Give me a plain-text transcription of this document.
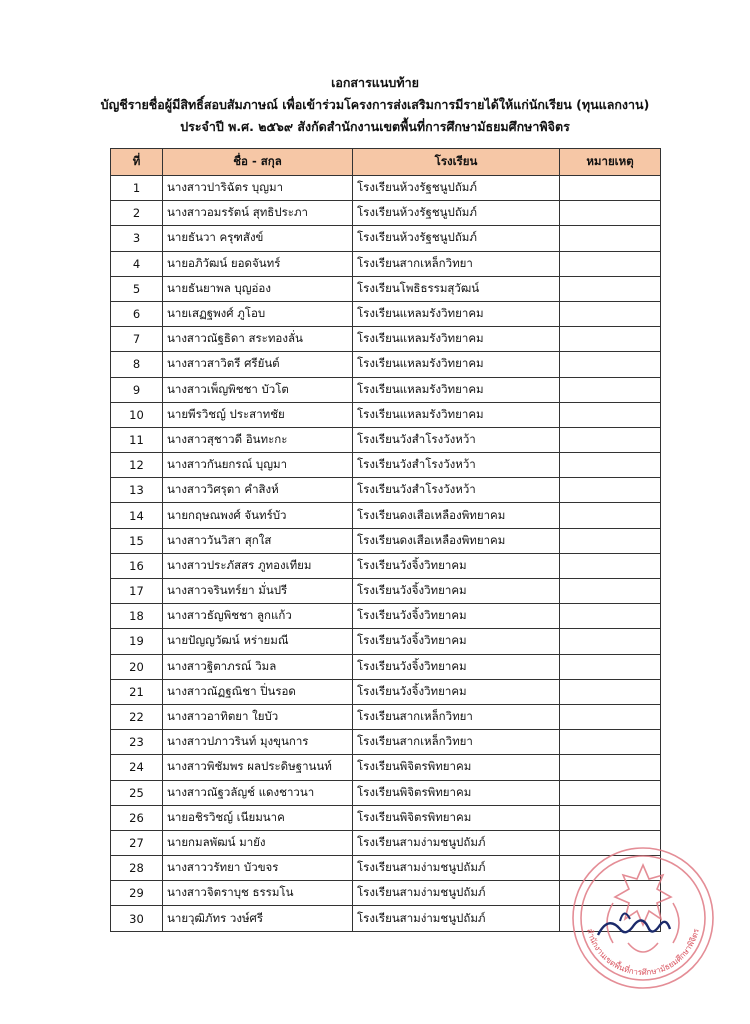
เอกสารแนบท้าย
บัญชีรายชื่อผู้มีสิทธิ์สอบสัมภาษณ์ เพื่อเข้าร่วมโครงการส่งเสริมการมีรายได้ให้แก่นักเรียน (ทุนแลกงาน)
ประจำปี พ.ศ. ๒๕๖๙ สังกัดสำนักงานเขตพื้นที่การศึกษามัธยมศึกษาพิจิตร
ที่	ชื่อ - สกุล	โรงเรียน	หมายเหตุ
1	นางสาวปาริฉัตร บุญมา	โรงเรียนห้วงรัฐชนูปถัมภ์	
2	นางสาวอมรรัตน์ สุทธิประภา	โรงเรียนห้วงรัฐชนูปถัมภ์	
3	นายธันวา ครุฑสังข์	โรงเรียนห้วงรัฐชนูปถัมภ์	
4	นายอภิวัฒน์ ยอดจันทร์	โรงเรียนสากเหล็กวิทยา	
5	นายธันยาพล บุญอ่อง	โรงเรียนโพธิธรรมสุวัฒน์	
6	นายเสฏฐพงศ์ ภูโอบ	โรงเรียนแหลมรังวิทยาคม	
7	นางสาวณัฐธิดา สระทองลั่น	โรงเรียนแหลมรังวิทยาคม	
8	นางสาวสาวิตรี ศรียันต์	โรงเรียนแหลมรังวิทยาคม	
9	นางสาวเพ็ญพิชชา บัวโต	โรงเรียนแหลมรังวิทยาคม	
10	นายพีรวิชญ์ ประสาทชัย	โรงเรียนแหลมรังวิทยาคม	
11	นางสาวสุชาวดี อินทะกะ	โรงเรียนวังสำโรงวังหว้า	
12	นางสาวกันยกรณ์ บุญมา	โรงเรียนวังสำโรงวังหว้า	
13	นางสาววิศรุตา คำสิงห์	โรงเรียนวังสำโรงวังหว้า	
14	นายกฤษณพงศ์ จันทร์บัว	โรงเรียนดงเสือเหลืองพิทยาคม	
15	นางสาววันวิสา สุกใส	โรงเรียนดงเสือเหลืองพิทยาคม	
16	นางสาวประภัสสร ภูทองเทียม	โรงเรียนวังจิ้งวิทยาคม	
17	นางสาวจรินทร์ยา มั่นปรี	โรงเรียนวังจิ้งวิทยาคม	
18	นางสาวธัญพิชชา ลูกแก้ว	โรงเรียนวังจิ้งวิทยาคม	
19	นายปัญญวัฒน์ หร่ายมณี	โรงเรียนวังจิ้งวิทยาคม	
20	นางสาวฐิตาภรณ์ วิมล	โรงเรียนวังจิ้งวิทยาคม	
21	นางสาวณัฏฐณิชา ปิ่นรอด	โรงเรียนวังจิ้งวิทยาคม	
22	นางสาวอาทิตยา ใยบัว	โรงเรียนสากเหล็กวิทยา	
23	นางสาวปภาวรินท์ มุงขุนการ	โรงเรียนสากเหล็กวิทยา	
24	นางสาวพิชัมพร ผลประดิษฐานนท์	โรงเรียนพิจิตรพิทยาคม	
25	นางสาวณัฐวลัญช์ แดงชาวนา	โรงเรียนพิจิตรพิทยาคม	
26	นายอชิรวิชญ์ เนียมนาค	โรงเรียนพิจิตรพิทยาคม	
27	นายกมลพัฒน์ มายัง	โรงเรียนสามง่ามชนูปถัมภ์	
28	นางสาววรัทยา บัวขจร	โรงเรียนสามง่ามชนูปถัมภ์	
29	นางสาวจิตราบุช ธรรมโน	โรงเรียนสามง่ามชนูปถัมภ์	
30	นายวุฒิภัทร วงษ์ศรี	โรงเรียนสามง่ามชนูปถัมภ์	
สำนักงานเขตพื้นที่การศึกษามัธยมศึกษาพิจิตร
